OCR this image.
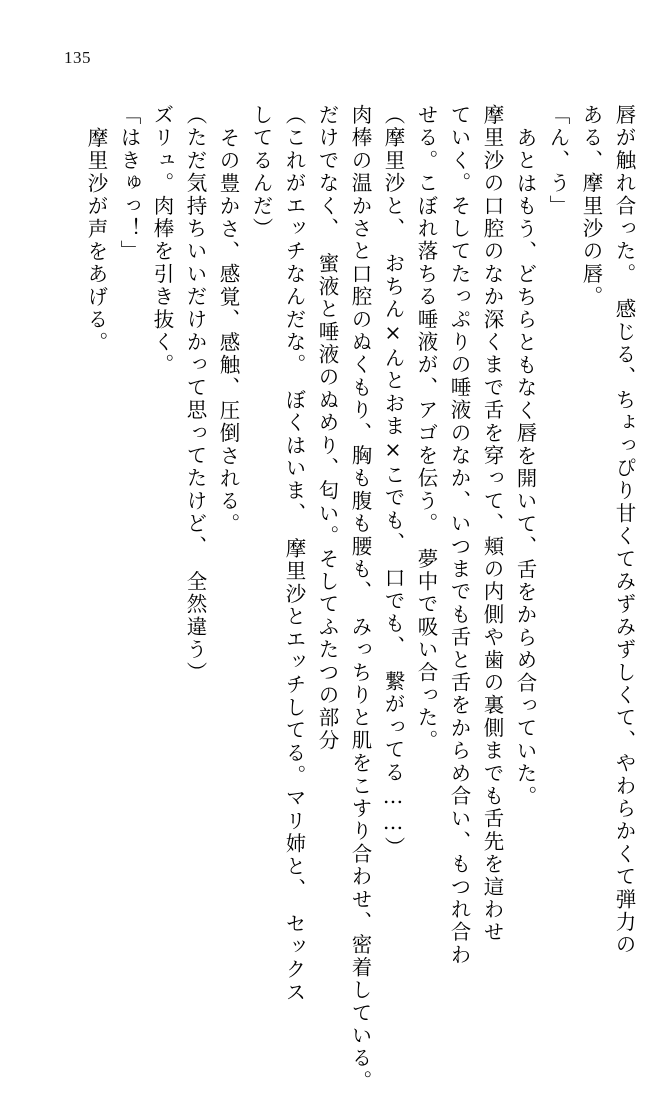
135
唇が触れ合った。　感じる、ちょっぴり甘くてみずみずしくて、やわらかくて弾力の
ある、摩里沙の唇。
「ん、う」
あとはもう、どちらともなく唇を開いて、舌をからめ合っていた。
摩里沙の口腔のなか深くまで舌を穿って、頬の内側や歯の裏側までも舌先を這わせ
ていく。そしてたっぷりの唾液のなか、いつまでも舌と舌をからめ合い、もつれ合わ
せる。こぼれ落ちる唾液が、アゴを伝う。　夢中で吸い合った。
（摩里沙と、　おちん×んとおま×こでも、　口でも、　繋がってる……）
肉棒の温かさと口腔のぬくもり、胸も腹も腰も、　みっちりと肌をこすり合わせ、密着している。
だけでなく、　蜜液と唾液のぬめり、匂い。そしてふたつの部分
（これがエッチなんだな。　ぼくはいま、　摩里沙とエッチしてる。マリ姉と、　セックス
してるんだ）
その豊かさ、感覚、感触、圧倒される。
（ただ気持ちいいだけかって思ってたけど、　全然違う）
ズリュ。肉棒を引き抜く。
「はきゅっ！」
摩里沙が声をあげる。
